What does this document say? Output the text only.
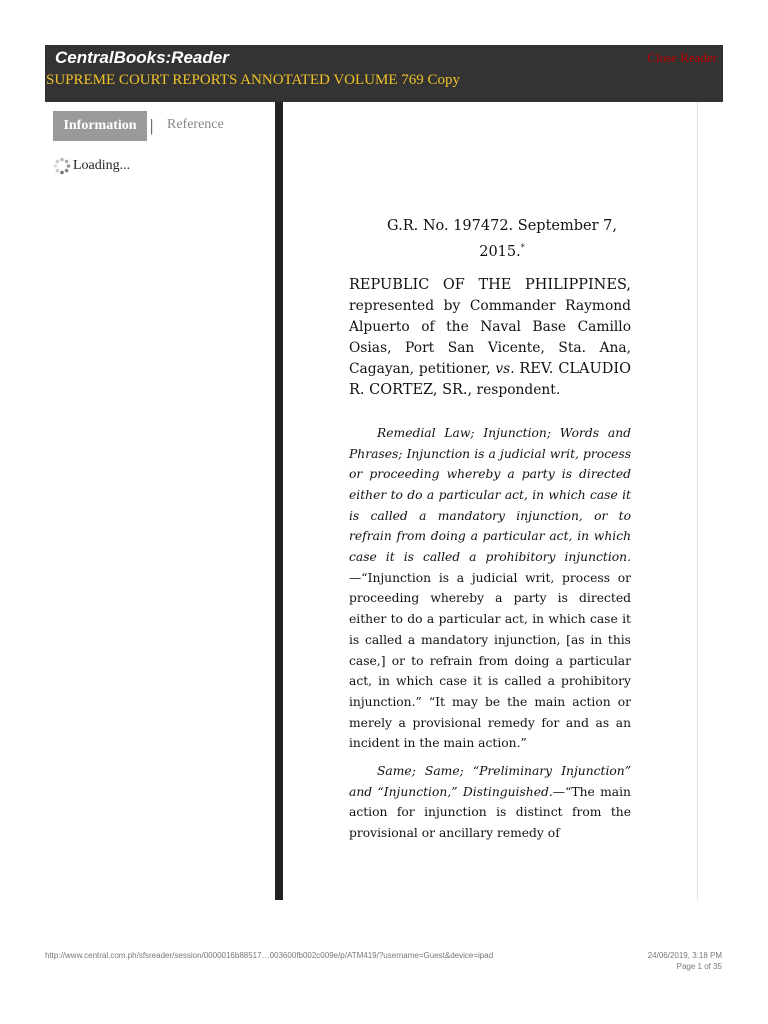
CentralBooks:Reader	Close Reader
SUPREME COURT REPORTS ANNOTATED VOLUME 769 Copy
Information | Reference
Loading...
G.R. No. 197472. September 7, 2015.*
REPUBLIC OF THE PHILIPPINES, represented by Commander Raymond Alpuerto of the Naval Base Camillo Osias, Port San Vicente, Sta. Ana, Cagayan, petitioner, vs. REV. CLAUDIO R. CORTEZ, SR., respondent.

Remedial Law; Injunction; Words and Phrases; Injunction is a judicial writ, process or proceeding whereby a party is directed either to do a particular act, in which case it is called a mandatory injunction, or to refrain from doing a particular act, in which case it is called a prohibitory injunction.—“Injunction is a judicial writ, process or proceeding whereby a party is directed either to do a particular act, in which case it is called a mandatory injunction, [as in this case,] or to refrain from doing a particular act, in which case it is called a prohibitory injunction.” “It may be the main action or merely a provisional remedy for and as an incident in the main action.”

Same; Same; “Preliminary Injunction” and “Injunction,” Distinguished.—“The main action for injunction is distinct from the provisional or ancillary remedy of

http://www.central.com.ph/sfsreader/session/0000016b88517…003600fb002c009e/p/ATM419/?username=Guest&device=ipad	24/06/2019, 3:18 PM
Page 1 of 35
